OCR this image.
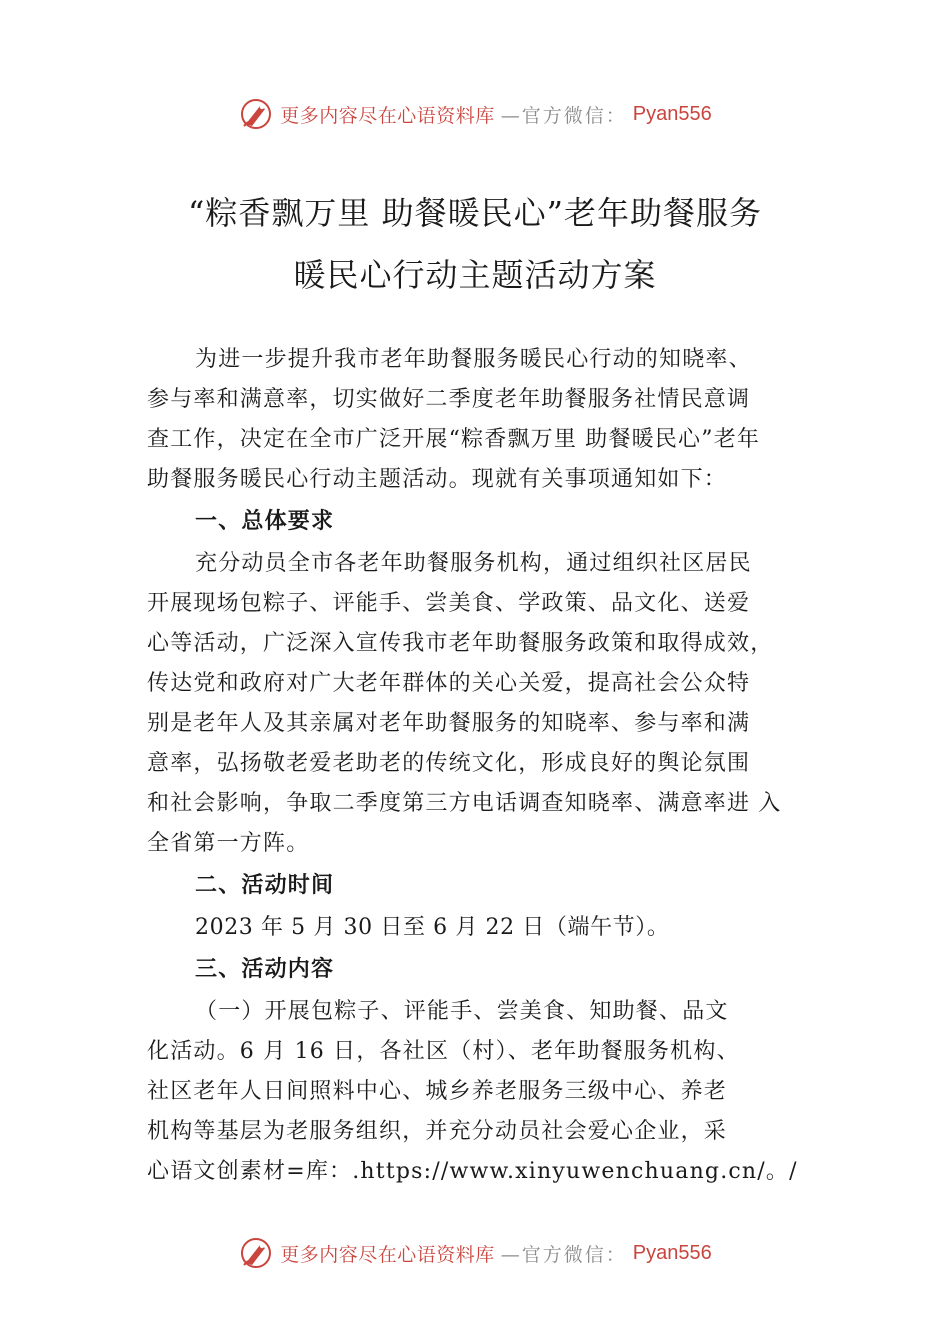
更多内容尽在心语资料库 —官方微信： Pyan556
“粽香飘万里 助餐暖民心”老年助餐服务
暖民心行动主题活动方案
为进一步提升我市老年助餐服务暖民心行动的知晓率、
参与率和满意率，切实做好二季度老年助餐服务社情民意调
查工作，决定在全市广泛开展“粽香飘万里 助餐暖民心”老年
助餐服务暖民心行动主题活动。现就有关事项通知如下：
一、总体要求
充分动员全市各老年助餐服务机构，通过组织社区居民
开展现场包粽子、评能手、尝美食、学政策、品文化、送爱
心等活动，广泛深入宣传我市老年助餐服务政策和取得成效，
传达党和政府对广大老年群体的关心关爱，提高社会公众特
别是老年人及其亲属对老年助餐服务的知晓率、参与率和满
意率，弘扬敬老爱老助老的传统文化，形成良好的舆论氛围
和社会影响，争取二季度第三方电话调查知晓率、满意率进 入
全省第一方阵。
二、活动时间
2023 年 5 月 30 日至 6 月 22 日（端午节）。
三、活动内容
（一）开展包粽子、评能手、尝美食、知助餐、品文
化活动。6 月 16 日，各社区（村）、老年助餐服务机构、
社区老年人日间照料中心、城乡养老服务三级中心、养老
机构等基层为老服务组织，并充分动员社会爱心企业，采
心语文创素材=库：.https://www.xinyuwenchuang.cn/。/
更多内容尽在心语资料库 —官方微信： Pyan556
